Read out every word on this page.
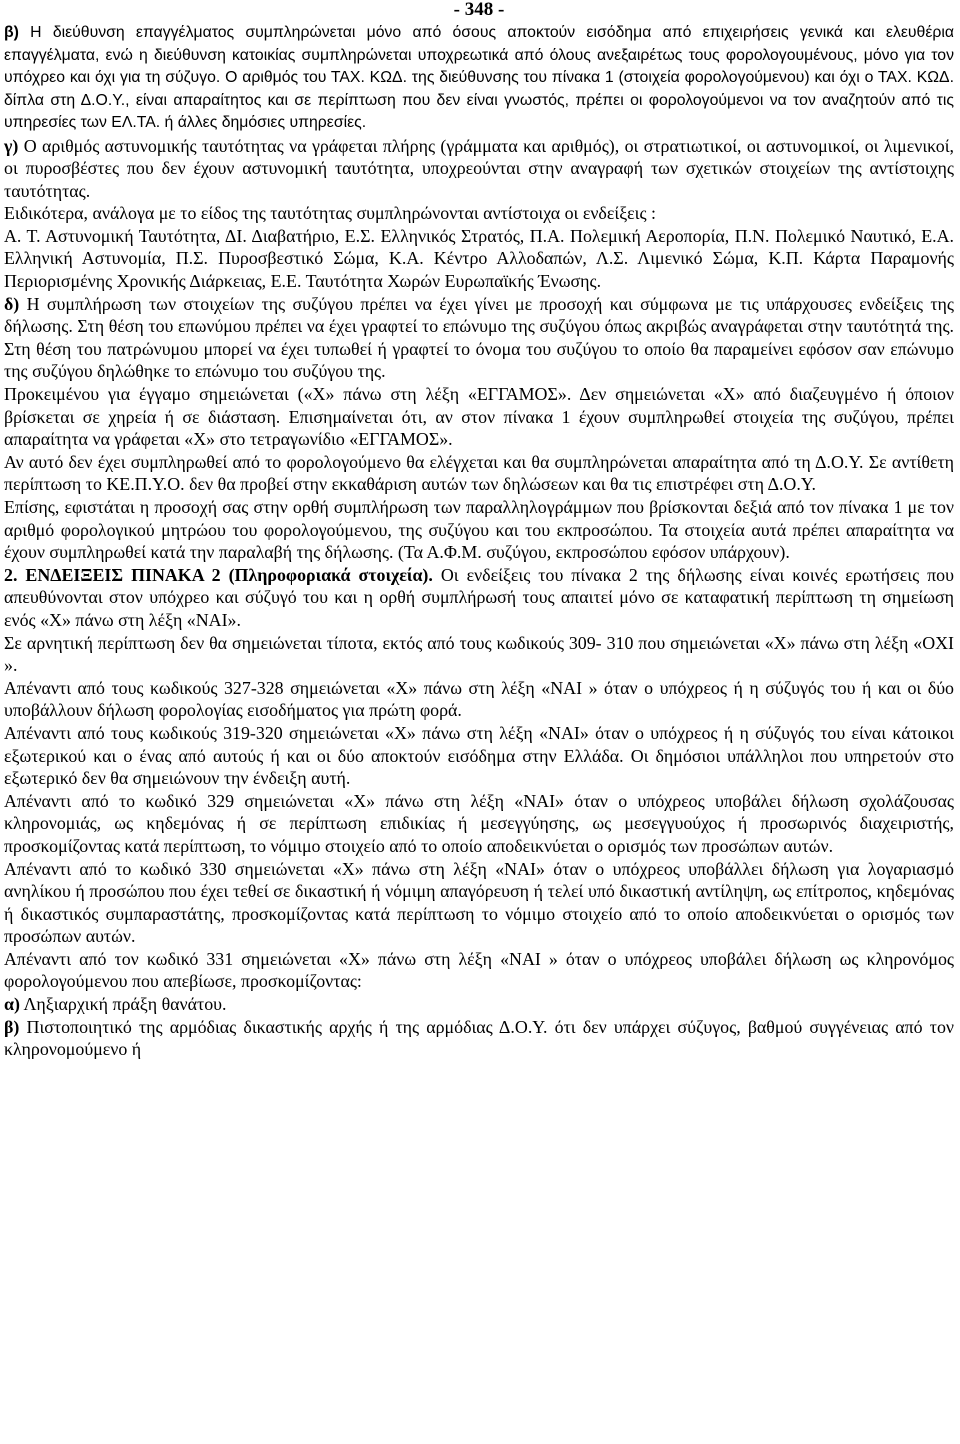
- 348 -

β) Η διεύθυνση επαγγέλματος συμπληρώνεται μόνο από όσους αποκτούν εισόδημα από επιχειρήσεις γενικά και ελευθέρια επαγγέλματα, ενώ η διεύθυνση κατοικίας συμπληρώνεται υποχρεωτικά από όλους ανεξαιρέτως τους φορολογουμένους, μόνο για τον υπόχρεο και όχι για τη σύζυγο. Ο αριθμός του ΤΑΧ. ΚΩΔ. της διεύθυνσης του πίνακα 1 (στοιχεία φορολογούμενου) και όχι ο ΤΑΧ. ΚΩΔ. δίπλα στη Δ.Ο.Υ., είναι απαραίτητος και σε περίπτωση που δεν είναι γνωστός, πρέπει οι φορολογούμενοι να τον αναζητούν από τις υπηρεσίες των ΕΛ.ΤΑ. ή άλλες δημόσιες υπηρεσίες.

γ) Ο αριθμός αστυνομικής ταυτότητας να γράφεται πλήρης (γράμματα και αριθμός), οι στρατιωτικοί, οι αστυνομικοί, οι λιμενικοί, οι πυροσβέστες που δεν έχουν αστυνομική ταυτότητα, υποχρεούνται στην αναγραφή των σχετικών στοιχείων της αντίστοιχης ταυτότητας.

Ειδικότερα, ανάλογα με το είδος της ταυτότητας συμπληρώνονται αντίστοιχα οι ενδείξεις :

Α. Τ. Αστυνομική Ταυτότητα, ΔΙ. Διαβατήριο, Ε.Σ. Ελληνικός Στρατός, Π.Α. Πολεμική Αεροπορία, Π.Ν. Πολεμικό Ναυτικό, Ε.Α. Ελληνική Αστυνομία, Π.Σ. Πυροσβεστικό Σώμα, Κ.Α. Κέντρο Αλλοδαπών, Λ.Σ. Λιμενικό Σώμα, Κ.Π. Κάρτα Παραμονής Περιορισμένης Χρονικής Διάρκειας, Ε.Ε. Ταυτότητα Χωρών Ευρωπαϊκής Ένωσης.

δ) Η συμπλήρωση των στοιχείων της συζύγου πρέπει να έχει γίνει με προσοχή και σύμφωνα με τις υπάρχουσες ενδείξεις της δήλωσης. Στη θέση του επωνύμου πρέπει να έχει γραφτεί το επώνυμο της συζύγου όπως ακριβώς αναγράφεται στην ταυτότητά της. Στη θέση του πατρώνυμου μπορεί να έχει τυπωθεί ή γραφτεί το όνομα του συζύγου το οποίο θα παραμείνει εφόσον σαν επώνυμο της συζύγου δηλώθηκε το επώνυμο του συζύγου της.

Προκειμένου για έγγαμο σημειώνεται («Χ» πάνω στη λέξη «ΕΓΓΑΜΟΣ». Δεν σημειώνεται «Χ» από διαζευγμένο ή όποιον βρίσκεται σε χηρεία ή σε διάσταση. Επισημαίνεται ότι, αν στον πίνακα 1 έχουν συμπληρωθεί στοιχεία της συζύγου, πρέπει απαραίτητα να γράφεται «Χ» στο τετραγωνίδιο «ΕΓΓΑΜΟΣ».

Αν αυτό δεν έχει συμπληρωθεί από το φορολογούμενο θα ελέγχεται και θα συμπληρώνεται απαραίτητα από τη Δ.Ο.Υ. Σε αντίθετη περίπτωση το ΚΕ.Π.Υ.Ο. δεν θα προβεί στην εκκαθάριση αυτών των δηλώσεων και θα τις επιστρέφει στη Δ.Ο.Υ.

Επίσης, εφιστάται η προσοχή σας στην ορθή συμπλήρωση των παραλληλογράμμων που βρίσκονται δεξιά από τον πίνακα 1 με τον αριθμό φορολογικού μητρώου του φορολογούμενου, της συζύγου και του εκπροσώπου. Τα στοιχεία αυτά πρέπει απαραίτητα να έχουν συμπληρωθεί κατά την παραλαβή της δήλωσης. (Τα Α.Φ.Μ. συζύγου, εκπροσώπου εφόσον υπάρχουν).

2. ΕΝΔΕΙΞΕΙΣ ΠΙΝΑΚΑ 2 (Πληροφοριακά στοιχεία). Οι ενδείξεις του πίνακα 2 της δήλωσης είναι κοινές ερωτήσεις που απευθύνονται στον υπόχρεο και σύζυγό του και η ορθή συμπλήρωσή τους απαιτεί μόνο σε καταφατική περίπτωση τη σημείωση ενός «Χ» πάνω στη λέξη «ΝΑΙ».

Σε αρνητική περίπτωση δεν θα σημειώνεται τίποτα, εκτός από τους κωδικούς 309- 310 που σημειώνεται «Χ» πάνω στη λέξη «ΟΧΙ ».

Απέναντι από τους κωδικούς 327-328 σημειώνεται «Χ» πάνω στη λέξη «ΝΑΙ » όταν ο υπόχρεος ή η σύζυγός του ή και οι δύο υποβάλλουν δήλωση φορολογίας εισοδήματος για πρώτη φορά.

Απέναντι από τους κωδικούς 319-320 σημειώνεται «Χ» πάνω στη λέξη «ΝΑΙ» όταν ο υπόχρεος ή η σύζυγός του είναι κάτοικοι εξωτερικού και ο ένας από αυτούς ή και οι δύο αποκτούν εισόδημα στην Ελλάδα. Οι δημόσιοι υπάλληλοι που υπηρετούν στο εξωτερικό δεν θα σημειώνουν την ένδειξη αυτή.

Απέναντι από το κωδικό 329 σημειώνεται «Χ» πάνω στη λέξη «ΝΑΙ» όταν ο υπόχρεος υποβάλει δήλωση σχολάζουσας κληρονομιάς, ως κηδεμόνας ή σε περίπτωση επιδικίας ή μεσεγγύησης, ως μεσεγγυούχος ή προσωρινός διαχειριστής, προσκομίζοντας κατά περίπτωση, το νόμιμο στοιχείο από το οποίο αποδεικνύεται ο ορισμός των προσώπων αυτών.

Απέναντι από το κωδικό 330 σημειώνεται «Χ» πάνω στη λέξη «ΝΑΙ» όταν ο υπόχρεος υποβάλλει δήλωση για λογαριασμό ανηλίκου ή προσώπου που έχει τεθεί σε δικαστική ή νόμιμη απαγόρευση ή τελεί υπό δικαστική αντίληψη, ως επίτροπος, κηδεμόνας ή δικαστικός συμπαραστάτης, προσκομίζοντας κατά περίπτωση το νόμιμο στοιχείο από το οποίο αποδεικνύεται ο ορισμός των προσώπων αυτών.

Απέναντι από τον κωδικό 331 σημειώνεται «Χ» πάνω στη λέξη «ΝΑΙ » όταν ο υπόχρεος υποβάλει δήλωση ως κληρονόμος φορολογούμενου που απεβίωσε, προσκομίζοντας:

α) Ληξιαρχική πράξη θανάτου.

β) Πιστοποιητικό της αρμόδιας δικαστικής αρχής ή της αρμόδιας Δ.Ο.Υ. ότι δεν υπάρχει σύζυγος, βαθμού συγγένειας από τον κληρονομούμενο ή
